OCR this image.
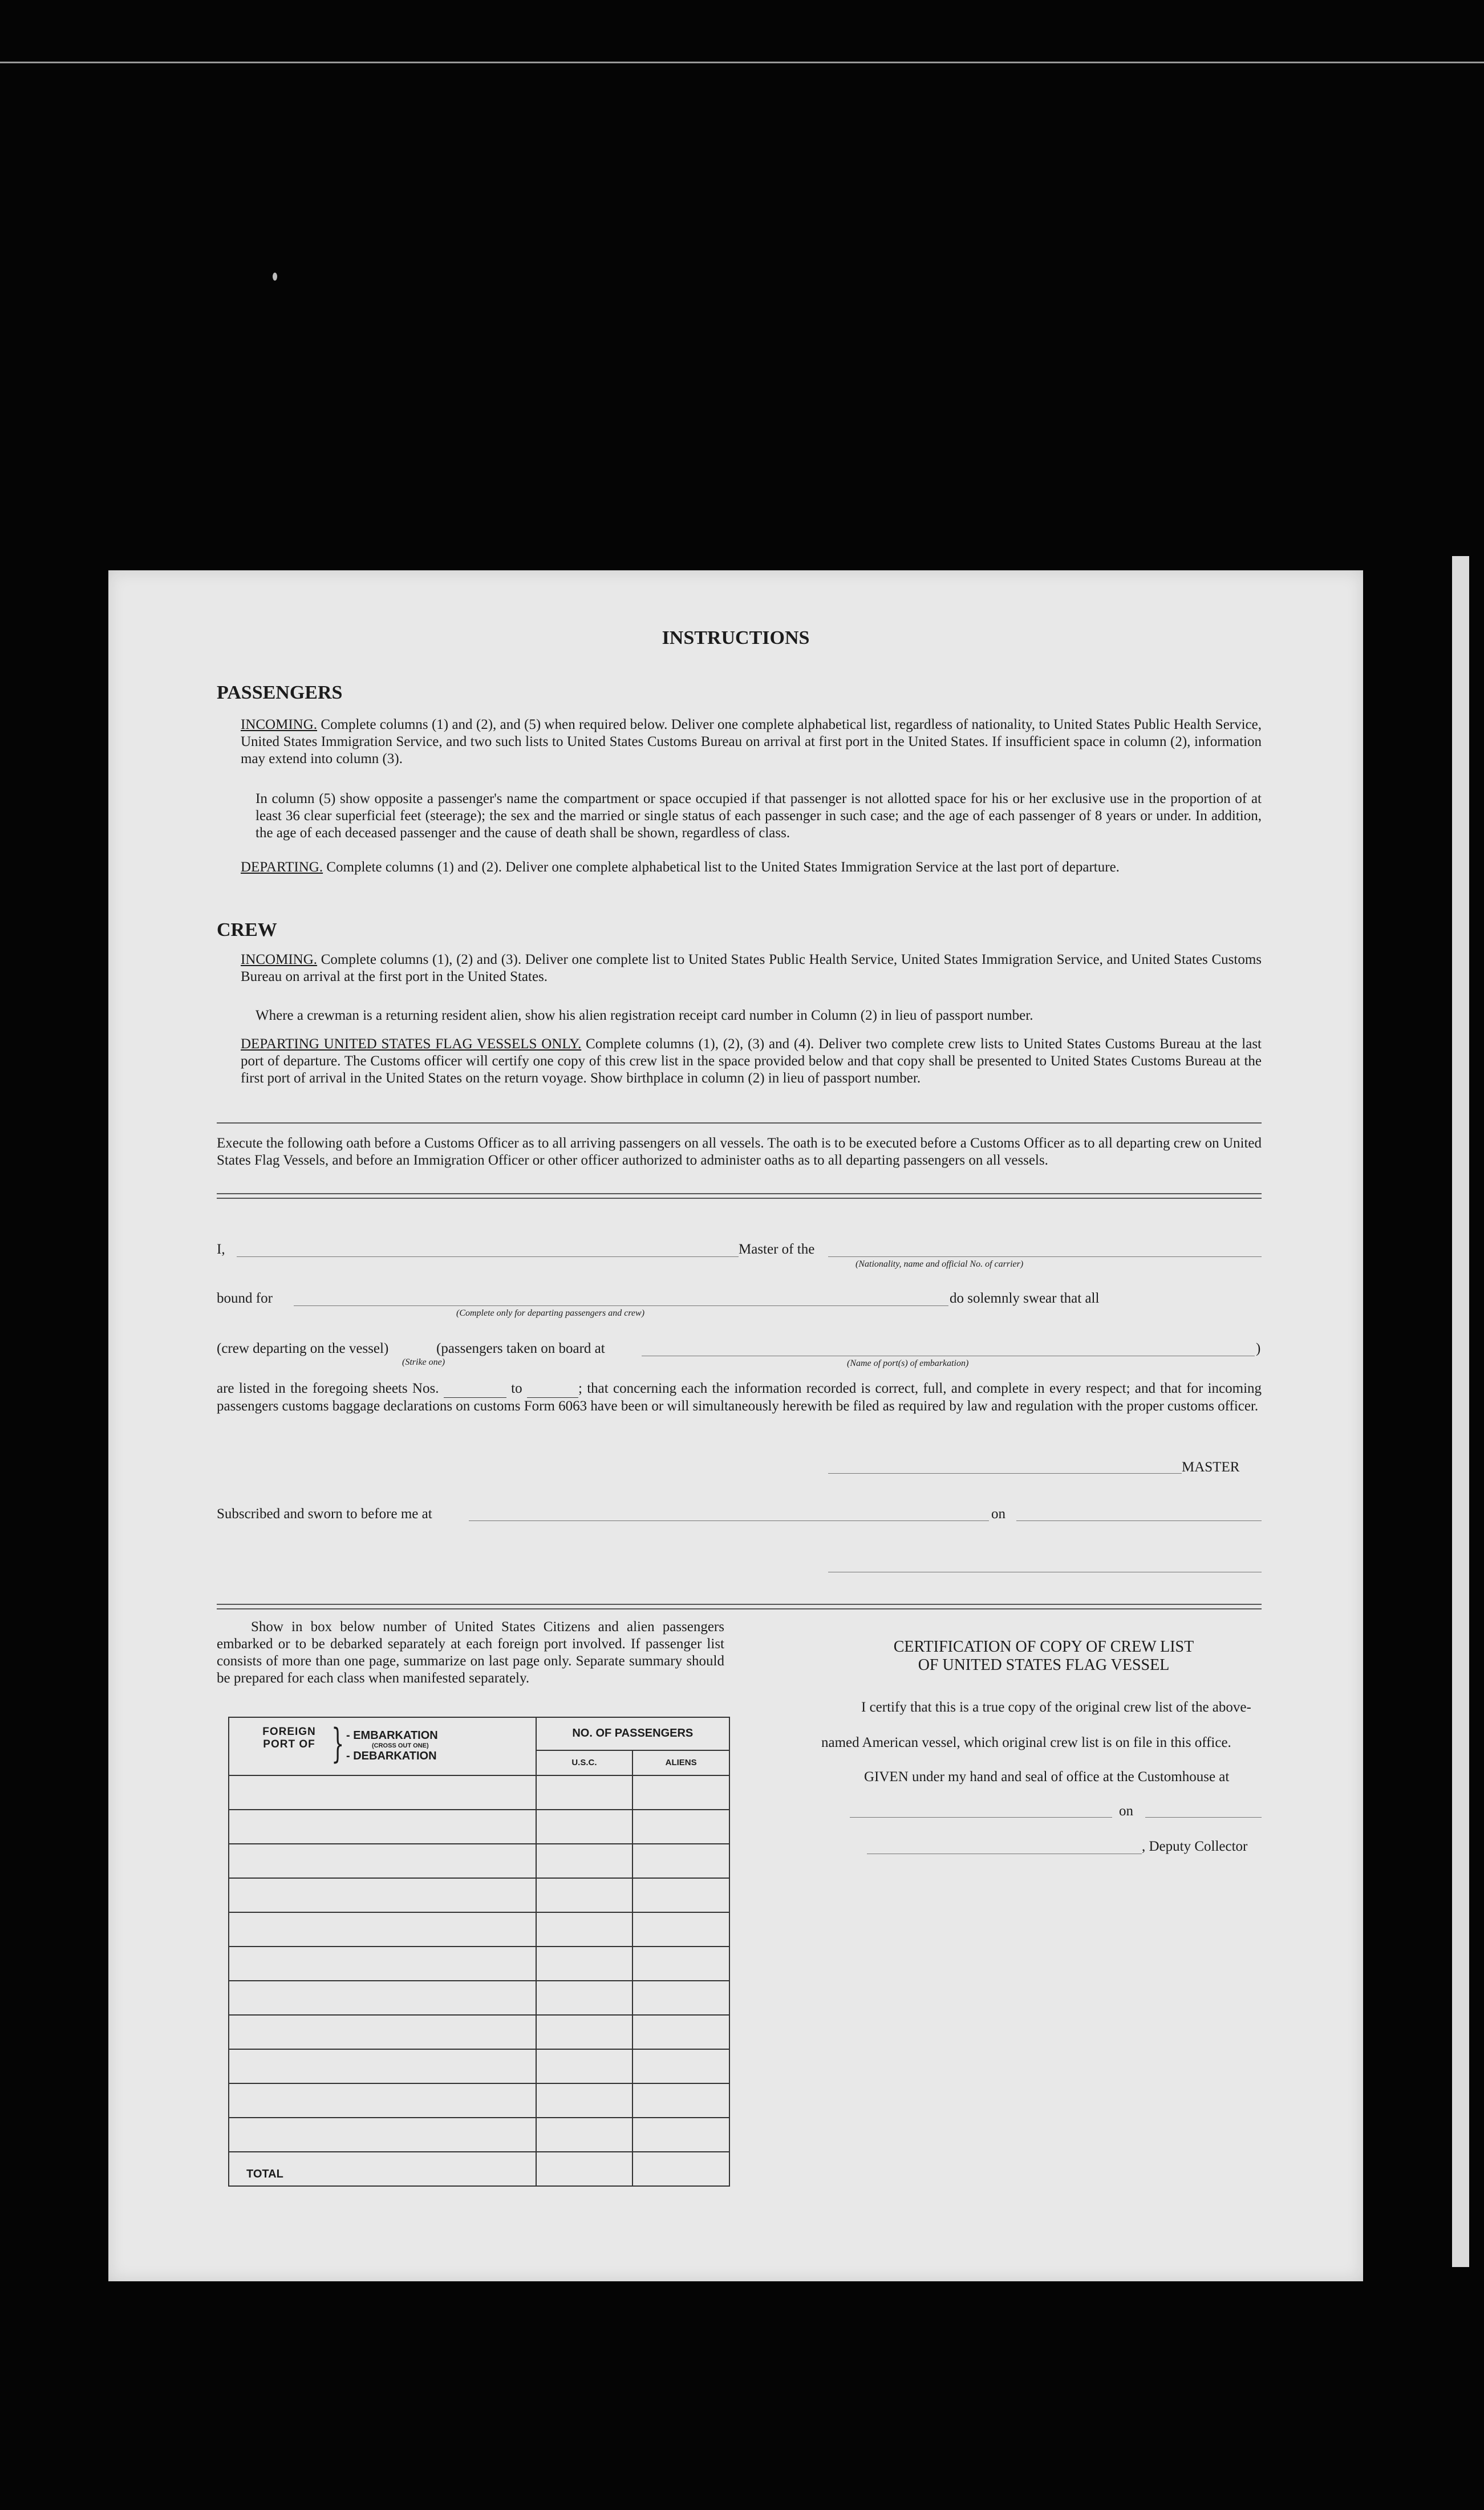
INSTRUCTIONS
PASSENGERS
INCOMING. Complete columns (1) and (2), and (5) when required below. Deliver one complete alphabetical list, regardless of nationality, to United States Public Health Service, United States Immigration Service, and two such lists to United States Customs Bureau on arrival at first port in the United States. If insufficient space in column (2), information may extend into column (3).
In column (5) show opposite a passenger's name the compartment or space occupied if that passenger is not allotted space for his or her exclusive use in the proportion of at least 36 clear superficial feet (steerage); the sex and the married or single status of each passenger in such case; and the age of each passenger of 8 years or under. In addition, the age of each deceased passenger and the cause of death shall be shown, regardless of class.
DEPARTING. Complete columns (1) and (2). Deliver one complete alphabetical list to the United States Immigration Service at the last port of departure.
CREW
INCOMING. Complete columns (1), (2) and (3). Deliver one complete list to United States Public Health Service, United States Immigration Service, and United States Customs Bureau on arrival at the first port in the United States.
Where a crewman is a returning resident alien, show his alien registration receipt card number in Column (2) in lieu of passport number.
DEPARTING UNITED STATES FLAG VESSELS ONLY. Complete columns (1), (2), (3) and (4). Deliver two complete crew lists to United States Customs Bureau at the last port of departure. The Customs officer will certify one copy of this crew list in the space provided below and that copy shall be presented to United States Customs Bureau at the first port of arrival in the United States on the return voyage. Show birthplace in column (2) in lieu of passport number.
Execute the following oath before a Customs Officer as to all arriving passengers on all vessels. The oath is to be executed before a Customs Officer as to all departing crew on United States Flag Vessels, and before an Immigration Officer or other officer authorized to administer oaths as to all departing passengers on all vessels.
I,	Master of the
(Nationality, name and official No. of carrier)
bound for
(Complete only for departing passengers and crew)
do solemnly swear that all
(crew departing on the vessel)	(passengers taken on board at
(Strike one)	(Name of port(s) of embarkation)
)
are listed in the foregoing sheets Nos.	to	; that concerning each the information recorded is correct, full, and complete in every respect; and that for incoming passengers customs baggage declarations on customs Form 6063 have been or will simultaneously herewith be filed as required by law and regulation with the proper customs officer.
MASTER
Subscribed and sworn to before me at	on
Show in box below number of United States Citizens and alien passengers embarked or to be debarked separately at each foreign port involved. If passenger list consists of more than one page, summarize on last page only. Separate summary should be prepared for each class when manifested separately.
FOREIGN PORT OF } - EMBARKATION
(CROSS OUT ONE)
- DEBARKATION	NO. OF PASSENGERS	
	U.S.C.	ALIENS

TOTAL		
CERTIFICATION OF COPY OF CREW LIST
OF UNITED STATES FLAG VESSEL
I certify that this is a true copy of the original crew list of the above-
named American vessel, which original crew list is on file in this office.
GIVEN under my hand and seal of office at the Customhouse at
on
, Deputy Collector
